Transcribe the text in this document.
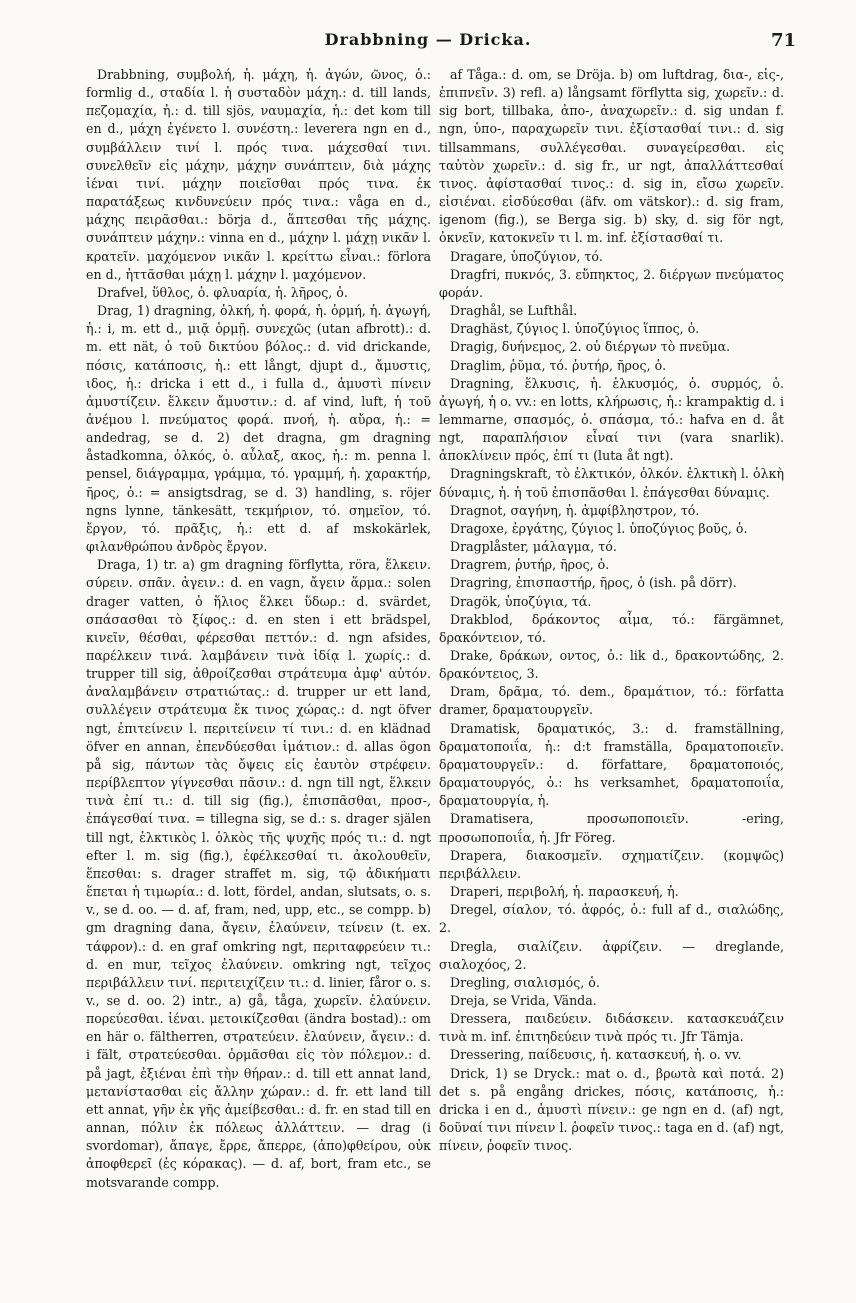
Drabbning — Dricka.	71

Drabbning, συμβολή, ἡ. μάχη, ἡ. ἀγών, ῶνος, ὁ.: formlig d., σταδία l. ἡ συσταδὸν μάχη.: d. till lands, πεζομαχία, ἡ.: d. till sjös, ναυμαχία, ἡ.: det kom till en d., μάχη ἐγένετο l. συνέστη.: leverera ngn en d., συμβάλλειν τινί l. πρός τινα. μάχεσθαί τινι. συνελθεῖν εἰς μάχην, μάχην συνάπτειν, διὰ μάχης ἰέναι τινί. μάχην ποιεῖσθαι πρός τινα. ἐκ παρατάξεως κινδυνεύειν πρός τινα.: våga en d., μάχης πειρᾶσθαι.: börja d., ἅπτεσθαι τῆς μάχης. συνάπτειν μάχην.: vinna en d., μάχην l. μάχῃ νικᾶν l. κρατεῖν. μαχόμενον νικᾶν l. κρείττω εἶναι.: förlora en d., ἡττᾶσθαι μάχῃ l. μάχην l. μαχόμενον.

Drafvel, ὕθλος, ὁ. φλυαρία, ἡ. λῆρος, ὁ.

Drag, 1) dragning, ὁλκή, ἡ. φορά, ἡ. ὁρμή, ἡ. ἀγωγή, ἡ.: i, m. ett d., μιᾷ ὁρμῇ. συνεχῶς (utan afbrott).: d. m. ett nät, ὁ τοῦ δικτύου βόλος.: d. vid drickande, πόσις, κατάποσις, ἡ.: ett långt, djupt d., ἄμυστις, ιδος, ἡ.: dricka i ett d., i fulla d., ἀμυστὶ πίνειν ἀμυστίζειν. ἕλκειν ἄμυστιν.: d. af vind, luft, ἡ τοῦ ἀνέμου l. πνεύματος φορά. πνοή, ἡ. αὔρα, ἡ.: = andedrag, se d. 2) det dragna, gm dragning åstadkomna, ὁλκός, ὁ. αὖλαξ, ακος, ἡ.: m. penna l. pensel, διάγραμμα, γράμμα, τό. γραμμή, ἡ. χαρακτήρ, ῆρος, ὁ.: = ansigtsdrag, se d. 3) handling, s. röjer ngns lynne, tänkesätt, τεκμήριον, τό. σημεῖον, τό. ἔργον, τό. πρᾶξις, ἡ.: ett d. af mskokärlek, φιλανθρώπου ἀνδρὸς ἔργον.

Draga, 1) tr. a) gm dragning förflytta, röra, ἕλκειν. σύρειν. σπᾶν. ἀγειν.: d. en vagn, ἄγειν ἅρμα.: solen drager vatten, ὁ ἥλιος ἕλκει ὕδωρ.: d. svärdet, σπάσασθαι τὸ ξίφος.: d. en sten i ett brädspel, κινεῖν, θέσθαι, φέρεσθαι πεττόν.: d. ngn afsides, παρέλκειν τινά. λαμβάνειν τινὰ ἰδίᾳ l. χωρίς.: d. trupper till sig, ἀθροίζεσθαι στράτευμα ἀμφ' αὑτόν. ἀναλαμβάνειν στρατιώτας.: d. trupper ur ett land, συλλέγειν στράτευμα ἔκ τινος χώρας.: d. ngt öfver ngt, ἐπιτείνειν l. περιτείνειν τί τινι.: d. en klädnad öfver en annan, ἐπενδύεσθαι ἱμάτιον.: d. allas ögon på sig, πάντων τὰς ὄψεις εἰς ἑαυτὸν στρέφειν. περίβλεπτον γίγνεσθαι πᾶσιν.: d. ngn till ngt, ἕλκειν τινὰ ἐπί τι.: d. till sig (fig.), ἐπισπᾶσθαι, προσ-, ἐπάγεσθαί τινα. = tillegna sig, se d.: s. drager själen till ngt, ἑλκτικὸς l. ὁλκὸς τῆς ψυχῆς πρός τι.: d. ngt efter l. m. sig (fig.), ἐφέλκεσθαί τι. ἀκολουθεῖν, ἕπεσθαι: s. drager straffet m. sig, τῷ ἀδικήματι ἕπεται ἡ τιμωρία.: d. lott, fördel, andan, slutsats, o. s. v., se d. oo. — d. af, fram, ned, upp, etc., se compp. b) gm dragning dana, ἄγειν, ἐλαύνειν, τείνειν (t. ex. τάφρον).: d. en graf omkring ngt, περιταφρεύειν τι.: d. en mur, τεῖχος ἐλαύνειν. omkring ngt, τεῖχος περιβάλλειν τινί. περιτειχίζειν τι.: d. linier, fåror o. s. v., se d. oo. 2) intr., a) gå, tåga, χωρεῖν. ἐλαύνειν. πορεύεσθαι. ἰέναι. μετοικίζεσθαι (ändra bostad).: om en här o. fältherren, στρατεύειν. ἐλαύνειν, ἄγειν.: d. i fält, στρατεύεσθαι. ὁρμᾶσθαι εἰς τὸν πόλεμον.: d. på jagt, ἐξιέναι ἐπὶ τὴν θήραν.: d. till ett annat land, μετανίστασθαι εἰς ἄλλην χώραν.: d. fr. ett land till ett annat, γῆν ἐκ γῆς ἀμείβεσθαι.: d. fr. en stad till en annan, πόλιν ἐκ πόλεως ἀλλάττειν. — drag (i svordomar), ἄπαγε, ἔρρε, ἄπερρε, (ἀπο)φθείρου, οὐκ ἀποφθερεῖ (ἐς κόρακας). — d. af, bort, fram etc., se motsvarande compp.

af Tåga.: d. om, se Dröja. b) om luftdrag, δια-, εἰς-, ἐπιπνεῖν. 3) refl. a) långsamt förflytta sig, χωρεῖν.: d. sig bort, tillbaka, ἀπο-, ἀναχωρεῖν.: d. sig undan f. ngn, ὑπο-, παραχωρεῖν τινι. ἐξίστασθαί τινι.: d. sig tillsammans, συλλέγεσθαι. συναγείρεσθαι. εἰς ταὐτὸν χωρεῖν.: d. sig fr., ur ngt, ἀπαλλάττεσθαί τινος. ἀφίστασθαί τινος.: d. sig in, εἴσω χωρεῖν. εἰσιέναι. εἰσδύεσθαι (äfv. om vätskor).: d. sig fram, igenom (fig.), se Berga sig. b) sky, d. sig för ngt, ὀκνεῖν, κατοκνεῖν τι l. m. inf. ἐξίστασθαί τι.

Dragare, ὑποζύγιον, τό.

Dragfri, πυκνός, 3. εὔπηκτος, 2. διέργων πνεύματος φοράν.

Draghål, se Lufthål.

Draghäst, ζύγιος l. ὑποζύγιος ἵππος, ὁ.

Dragig, δυήνεμος, 2. οὐ διέργων τὸ πνεῦμα.

Draglim, ῥῦμα, τό. ῥυτήρ, ῆρος, ὁ.

Dragning, ἕλκυσις, ἡ. ἑλκυσμός, ὁ. συρμός, ὁ. ἀγωγή, ἡ o. vv.: en lotts, κλήρωσις, ἡ.: krampaktig d. i lemmarne, σπασμός, ὁ. σπάσμα, τό.: hafva en d. åt ngt, παραπλήσιον εἶναί τινι (vara snarlik). ἀποκλίνειν πρός, ἐπί τι (luta åt ngt).

Dragningskraft, τὸ ἑλκτικόν, ὁλκόν. ἑλκτικὴ l. ὁλκὴ δύναμις, ἡ. ἡ τοῦ ἐπισπᾶσθαι l. ἐπάγεσθαι δύναμις.

Dragnot, σαγήνη, ἡ. ἀμφίβληστρον, τό.

Dragoxe, ἐργάτης, ζύγιος l. ὑποζύγιος βοῦς, ὁ.

Dragplåster, μάλαγμα, τό.

Dragrem, ῥυτήρ, ῆρος, ὁ.

Dragring, ἐπισπαστήρ, ῆρος, ὁ (ish. på dörr).

Dragök, ὑποζύγια, τά.

Drakblod, δράκοντος αἷμα, τό.: färgämnet, δρακόντειον, τό.

Drake, δράκων, οντος, ὁ.: lik d., δρακοντώδης, 2. δρακόντειος, 3.

Dram, δρᾶμα, τό. dem., δραμάτιον, τό.: författa dramer, δραματουργεῖν.

Dramatisk, δραματικός, 3.: d. framställning, δραματοποιΐα, ἡ.: d:t framställa, δραματοποιεῖν. δραματουργεῖν.: d. författare, δραματοποιός, δραματουργός, ὁ.: hs verksamhet, δραματοποιΐα, δραματουργία, ἡ.

Dramatisera, προσωποποιεῖν. -ering, προσωποποιΐα, ἡ. Jfr Föreg.

Drapera, διακοσμεῖν. σχηματίζειν. (κομψῶς) περιβάλλειν.

Draperi, περιβολή, ἡ. παρασκευή, ἡ.

Dregel, σίαλον, τό. ἀφρός, ὁ.: full af d., σιαλώδης, 2.

Dregla, σιαλίζειν. ἀφρίζειν. — dreglande, σιαλοχόος, 2.

Dregling, σιαλισμός, ὁ.

Dreja, se Vrida, Vända.

Dressera, παιδεύειν. διδάσκειν. κατασκευάζειν τινὰ m. inf. ἐπιτηδεύειν τινὰ πρός τι. Jfr Tämja.

Dressering, παίδευσις, ἡ. κατασκευή, ἡ. o. vv.

Drick, 1) se Dryck.: mat o. d., βρωτὰ καὶ ποτά. 2) det s. på engång drickes, πόσις, κατάποσις, ἡ.: dricka i en d., ἀμυστὶ πίνειν.: ge ngn en d. (af) ngt, δοῦναί τινι πίνειν l. ῥοφεῖν τινος.: taga en d. (af) ngt, πίνειν, ῥοφεῖν τινος.
